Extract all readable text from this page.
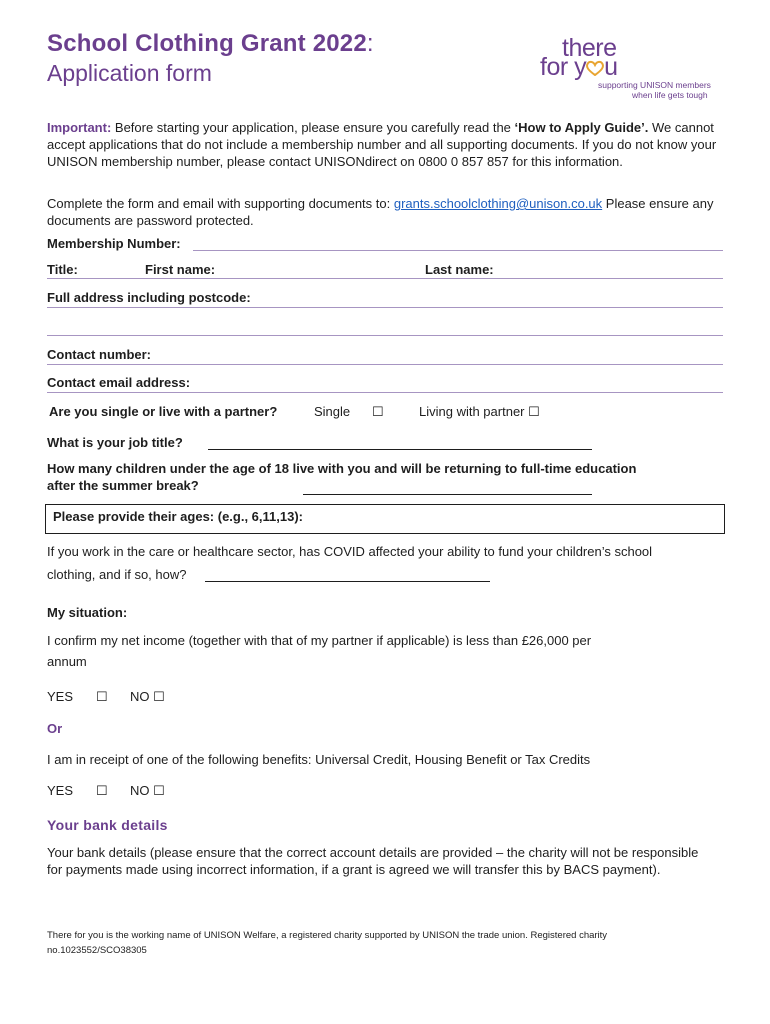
School Clothing Grant 2022:
Application form
there
for y u
supporting UNISON members
when life gets tough

Important: Before starting your application, please ensure you carefully read the ‘How to Apply Guide’. We cannot accept applications that do not include a membership number and all supporting documents. If you do not know your UNISON membership number, please contact UNISONdirect on 0800 0 857 857 for this information.

Complete the form and email with supporting documents to: grants.schoolclothing@unison.co.uk Please ensure any documents are password protected.

Membership Number:
Title:	First name:	Last name:
Full address including postcode:
Contact number:
Contact email address:
Are you single or live with a partner?	Single ☐	Living with partner ☐
What is your job title?
How many children under the age of 18 live with you and will be returning to full-time education
after the summer break?
Please provide their ages: (e.g., 6,11,13):
If you work in the care or healthcare sector, has COVID affected your ability to fund your children’s school
clothing, and if so, how?
My situation:
I confirm my net income (together with that of my partner if applicable) is less than £26,000 per
annum
YES ☐ NO ☐
Or
I am in receipt of one of the following benefits: Universal Credit, Housing Benefit or Tax Credits
YES ☐ NO ☐
Your bank details

Your bank details (please ensure that the correct account details are provided – the charity will not be responsible for payments made using incorrect information, if a grant is agreed we will transfer this by BACS payment).

There for you is the working name of UNISON Welfare, a registered charity supported by UNISON the trade union. Registered charity
no.1023552/SCO38305
